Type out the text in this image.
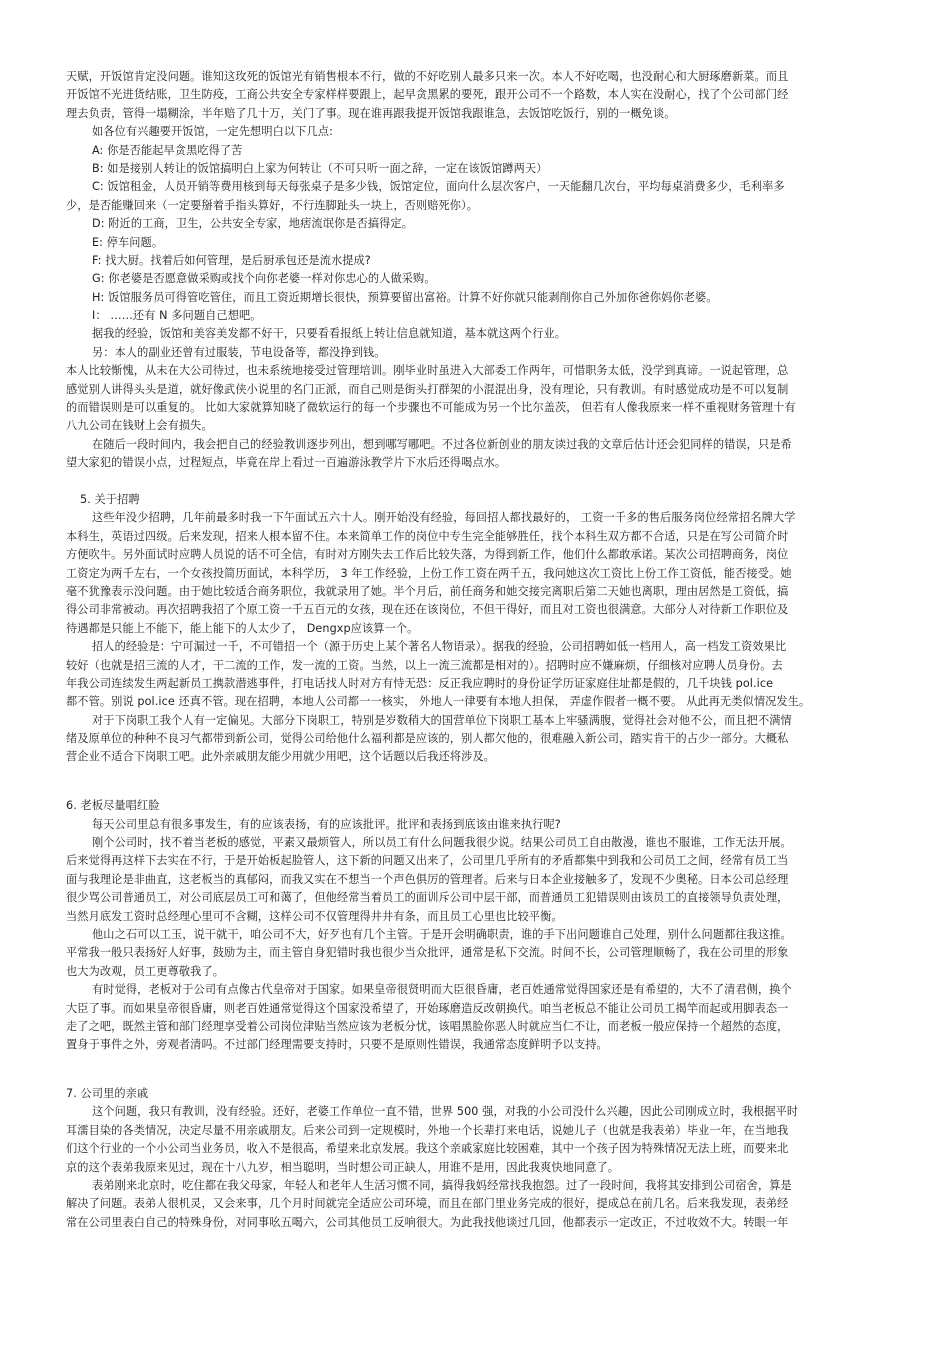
天赋，开饭馆肯定没问题。谁知这玫死的饭馆光有销售根本不行，做的不好吃别人最多只来一次。本人不好吃喝，也没耐心和大厨琢磨新菜。而且
开饭馆不光进货结账，卫生防疫，工商公共安全专家样样要跟上，起早贪黑累的要死，跟开公司不一个路数，本人实在没耐心，找了个公司部门经
理去负责，管得一塌糊涂，半年赔了几十万，关门了事。现在谁再跟我提开饭馆我跟谁急，去饭馆吃饭行，别的一概免谈。
如各位有兴趣要开饭馆，一定先想明白以下几点:
A: 你是否能起早贪黑吃得了苦
B: 如是接别人转让的饭馆搞明白上家为何转让（不可只听一面之辞，一定在该饭馆蹲两天）
C: 饭馆租金，人员开销等费用核到每天每张桌子是多少钱，饭馆定位，面向什么层次客户，一天能翻几次台，平均每桌消费多少，毛利率多
少，是否能赚回来（一定要掰着手指头算好，不行连脚趾头一块上，否则赔死你）。
D: 附近的工商，卫生，公共安全专家，地痞流氓你是否搞得定。
E: 停车问题。
F: 找大厨。找着后如何管理，是后厨承包还是流水提成?
G: 你老婆是否愿意做采购或找个向你老婆一样对你忠心的人做采购。
H: 饭馆服务员可得管吃管住，而且工资近期增长很快，预算要留出富裕。计算不好你就只能剥削你自己外加你爸你妈你老婆。
I： ……还有 N 多问题自己想吧。
据我的经验，饭馆和美容美发都不好干，只要看看报纸上转让信息就知道，基本就这两个行业。
另：本人的副业还曾有过服装，节电设备等，都没挣到钱。
本人比较惭愧，从未在大公司待过，也未系统地接受过管理培训。刚毕业时虽进入大部委工作两年，可惜职务太低，没学到真谛。一说起管理，总
感觉别人讲得头头是道，就好像武侠小说里的名门正派，而自己则是街头打群架的小混混出身，没有理论，只有教训。有时感觉成功是不可以复制
的而错误则是可以重复的。 比如大家就算知晓了微软运行的每一个步骤也不可能成为另一个比尔盖茨， 但若有人像我原来一样不重视财务管理十有
八九公司在钱财上会有损失。
在随后一段时间内，我会把自己的经验教训逐步列出，想到哪写哪吧。不过各位新创业的朋友读过我的文章后估计还会犯同样的错误，只是希
望大家犯的错误小点，过程短点，毕竟在岸上看过一百遍游泳教学片下水后还得喝点水。
5. 关于招聘
这些年没少招聘，几年前最多时我一下午面试五六十人。刚开始没有经验，每回招人都找最好的， 工资一千多的售后服务岗位经常招名牌大学
本科生，英语过四级。后来发现，招来人根本留不住。本来简单工作的岗位中专生完全能够胜任，找个本科生双方都不合适，只是在写公司简介时
方便吹牛。另外面试时应聘人员说的话不可全信，有时对方刚失去工作后比较失落，为得到新工作，他们什么都敢承诺。某次公司招聘商务，岗位
工资定为两千左右，一个女孩投简历面试，本科学历， 3 年工作经验，上份工作工资在两千五，我问她这次工资比上份工作工资低，能否接受。她
毫不犹豫表示没问题。由于她比较适合商务职位，我就录用了她。半个月后，前任商务和她交接完离职后第二天她也离职，理由居然是工资低，搞
得公司非常被动。再次招聘我招了个原工资一千五百元的女孩，现在还在该岗位，不但干得好，而且对工资也很满意。大部分人对待新工作职位及
待遇都是只能上不能下，能上能下的人太少了， Dengxp应该算一个。
招人的经验是：宁可漏过一千，不可错招一个（源于历史上某个著名人物语录）。据我的经验，公司招聘如低一档用人，高一档发工资效果比
较好（也就是招三流的人才，干二流的工作，发一流的工资。当然，以上一流三流都是相对的）。招聘时应不嫌麻烦，仔细核对应聘人员身份。去
年我公司连续发生两起新员工携款潜逃事件，打电话找人时对方有恃无恐：反正我应聘时的身份证学历证家庭住址都是假的，几千块钱 pol.ice
都不管。别说 pol.ice 还真不管。现在招聘，本地人公司都一一核实， 外地人一律要有本地人担保， 弄虚作假者一概不要。 从此再无类似情况发生。
对于下岗职工我个人有一定偏见。大部分下岗职工，特别是岁数稍大的国营单位下岗职工基本上牢骚满腹，觉得社会对他不公，而且把不满情
绪及原单位的种种不良习气都带到新公司，觉得公司给他什么福利都是应该的，别人都欠他的，很难融入新公司，踏实肯干的占少一部分。大概私
营企业不适合下岗职工吧。此外亲戚朋友能少用就少用吧，这个话题以后我还将涉及。
6. 老板尽量唱红脸
每天公司里总有很多事发生，有的应该表扬，有的应该批评。批评和表扬到底该由谁来执行呢?
刚个公司时，找不着当老板的感觉，平素又最烦管人，所以员工有什么问题我很少说。结果公司员工自由散漫，谁也不服谁，工作无法开展。
后来觉得再这样下去实在不行，于是开始板起脸管人，这下新的问题又出来了，公司里几乎所有的矛盾都集中到我和公司员工之间，经常有员工当
面与我理论是非曲直，这老板当的真郁闷，而我又实在不想当一个声色俱厉的管理者。后来与日本企业接触多了，发现不少奥秘。日本公司总经理
很少骂公司普通员工，对公司底层员工可和蔼了，但他经常当着员工的面训斥公司中层干部，而普通员工犯错误则由该员工的直接领导负责处理，
当然月底发工资时总经理心里可不含糊，这样公司不仅管理得井井有条，而且员工心里也比较平衡。
他山之石可以工玉，说干就干，咱公司不大，好歹也有几个主管。于是开会明确职责，谁的手下出问题谁自己处理，别什么问题都往我这推。
平常我一般只表扬好人好事，鼓励为主，而主管自身犯错时我也很少当众批评，通常是私下交流。时间不长，公司管理顺畅了，我在公司里的形象
也大为改观，员工更尊敬我了。
有时觉得，老板对于公司有点像古代皇帝对于国家。如果皇帝很贤明而大臣很昏庸，老百姓通常觉得国家还是有希望的，大不了清君侧，换个
大臣了事。而如果皇帝很昏庸，则老百姓通常觉得这个国家没希望了，开始琢磨造反改朝换代。咱当老板总不能让公司员工揭竿而起或用脚表态一
走了之吧，既然主管和部门经理享受着公司岗位津贴当然应该为老板分忧，该唱黑脸你恶人时就应当仁不让，而老板一般应保持一个超然的态度，
置身于事件之外，旁观者清吗。不过部门经理需要支持时，只要不是原则性错误，我通常态度鲜明予以支持。
7. 公司里的亲戚
这个问题，我只有教训，没有经验。还好，老婆工作单位一直不错，世界 500 强，对我的小公司没什么兴趣，因此公司刚成立时，我根据平时
耳濡目染的各类情况，决定尽量不用亲戚朋友。后来公司到一定规模时，外地一个长辈打来电话，说她儿子（也就是我表弟）毕业一年，在当地我
们这个行业的一个小公司当业务员，收入不是很高，希望来北京发展。我这个亲戚家庭比较困难，其中一个孩子因为特殊情况无法上班，而要来北
京的这个表弟我原来见过，现在十八九岁，相当聪明，当时想公司正缺人，用谁不是用，因此我爽快地同意了。
表弟刚来北京时，吃住都在我父母家，年轻人和老年人生活习惯不同，搞得我妈经常找我抱怨。过了一段时间，我将其安排到公司宿舍，算是
解决了问题。表弟人很机灵，又会来事，几个月时间就完全适应公司环境，而且在部门里业务完成的很好，提成总在前几名。后来我发现，表弟经
常在公司里表白自己的特殊身份，对同事吆五喝六，公司其他员工反响很大。为此我找他谈过几回，他都表示一定改正，不过收效不大。转眼一年
